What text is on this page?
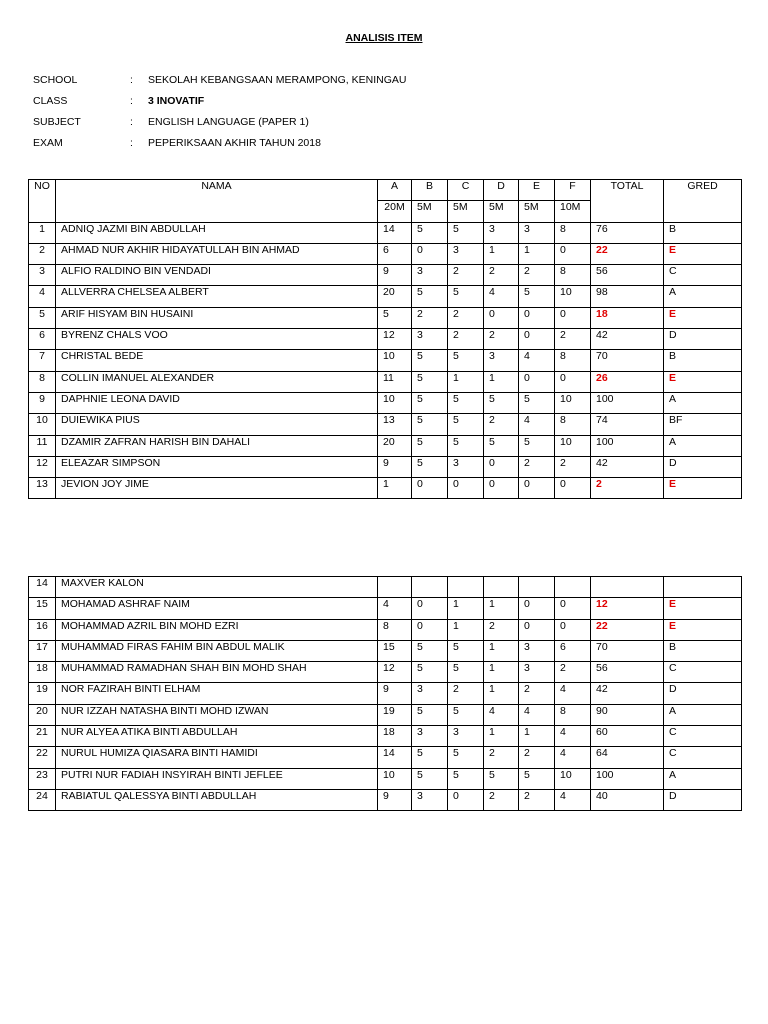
ANALISIS ITEM
SCHOOL	: SEKOLAH KEBANGSAAN MERAMPONG, KENINGAU
CLASS	: 3 INOVATIF
SUBJECT	: ENGLISH LANGUAGE (PAPER 1)
EXAM	: PEPERIKSAAN AKHIR TAHUN 2018
NO	NAMA	A	B	C	D	E	F	TOTAL	GRED
		20M	5M	5M	5M	5M	10M		
1	ADNIQ JAZMI BIN ABDULLAH	14	5	5	3	3	8	76	B
2	AHMAD NUR AKHIR HIDAYATULLAH BIN AHMAD	6	0	3	1	1	0	22	E
3	ALFIO RALDINO BIN VENDADI	9	3	2	2	2	8	56	C
4	ALLVERRA CHELSEA ALBERT	20	5	5	4	5	10	98	A
5	ARIF HISYAM BIN HUSAINI	5	2	2	0	0	0	18	E
6	BYRENZ CHALS VOO	12	3	2	2	0	2	42	D
7	CHRISTAL BEDE	10	5	5	3	4	8	70	B
8	COLLIN IMANUEL ALEXANDER	11	5	1	1	0	0	26	E
9	DAPHNIE LEONA DAVID	10	5	5	5	5	10	100	A
10	DUIEWIKA PIUS	13	5	5	2	4	8	74	BF
11	DZAMIR ZAFRAN HARISH BIN DAHALI	20	5	5	5	5	10	100	A
12	ELEAZAR SIMPSON	9	5	3	0	2	2	42	D
13	JEVION JOY JIME	1	0	0	0	0	0	2	E
14	MAXVER KALON								
15	MOHAMAD ASHRAF NAIM	4	0	1	1	0	0	12	E
16	MOHAMMAD AZRIL BIN MOHD EZRI	8	0	1	2	0	0	22	E
17	MUHAMMAD FIRAS FAHIM BIN ABDUL MALIK	15	5	5	1	3	6	70	B
18	MUHAMMAD RAMADHAN SHAH BIN MOHD SHAH	12	5	5	1	3	2	56	C
19	NOR FAZIRAH BINTI ELHAM	9	3	2	1	2	4	42	D
20	NUR IZZAH NATASHA BINTI MOHD IZWAN	19	5	5	4	4	8	90	A
21	NUR ALYEA ATIKA BINTI ABDULLAH	18	3	3	1	1	4	60	C
22	NURUL HUMIZA QIASARA BINTI HAMIDI	14	5	5	2	2	4	64	C
23	PUTRI NUR FADIAH INSYIRAH BINTI JEFLEE	10	5	5	5	5	10	100	A
24	RABIATUL QALESSYA BINTI ABDULLAH	9	3	0	2	2	4	40	D
